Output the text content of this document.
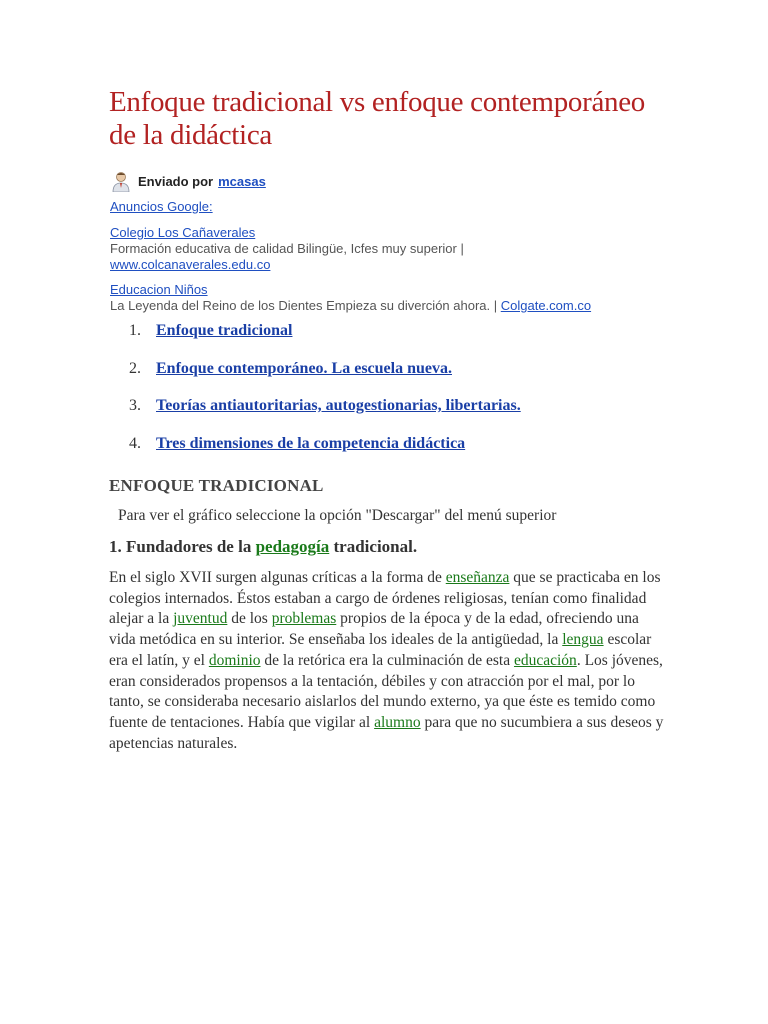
Enfoque tradicional vs enfoque contemporáneo de la didáctica
Enviado por mcasas
Anuncios Google:
Colegio Los Cañaverales
Formación educativa de calidad Bilingüe, Icfes muy superior |
www.colcanaverales.edu.co
Educacion Niños
La Leyenda del Reino de los Dientes Empieza su diverción ahora. | Colgate.com.co
1. Enfoque tradicional
2. Enfoque contemporáneo. La escuela nueva.
3. Teorías antiautoritarias, autogestionarias, libertarias.
4. Tres dimensiones de la competencia didáctica
ENFOQUE TRADICIONAL
Para ver el gráfico seleccione la opción "Descargar" del menú superior
1. Fundadores de la pedagogía tradicional.

En el siglo XVII surgen algunas críticas a la forma de enseñanza que se practicaba en los colegios internados. Éstos estaban a cargo de órdenes religiosas, tenían como finalidad alejar a la juventud de los problemas propios de la época y de la edad, ofreciendo una vida metódica en su interior. Se enseñaba los ideales de la antigüedad, la lengua escolar era el latín, y el dominio de la retórica era la culminación de esta educación. Los jóvenes, eran considerados propensos a la tentación, débiles y con atracción por el mal, por lo tanto, se consideraba necesario aislarlos del mundo externo, ya que éste es temido como fuente de tentaciones. Había que vigilar al alumno para que no sucumbiera a sus deseos y apetencias naturales.
